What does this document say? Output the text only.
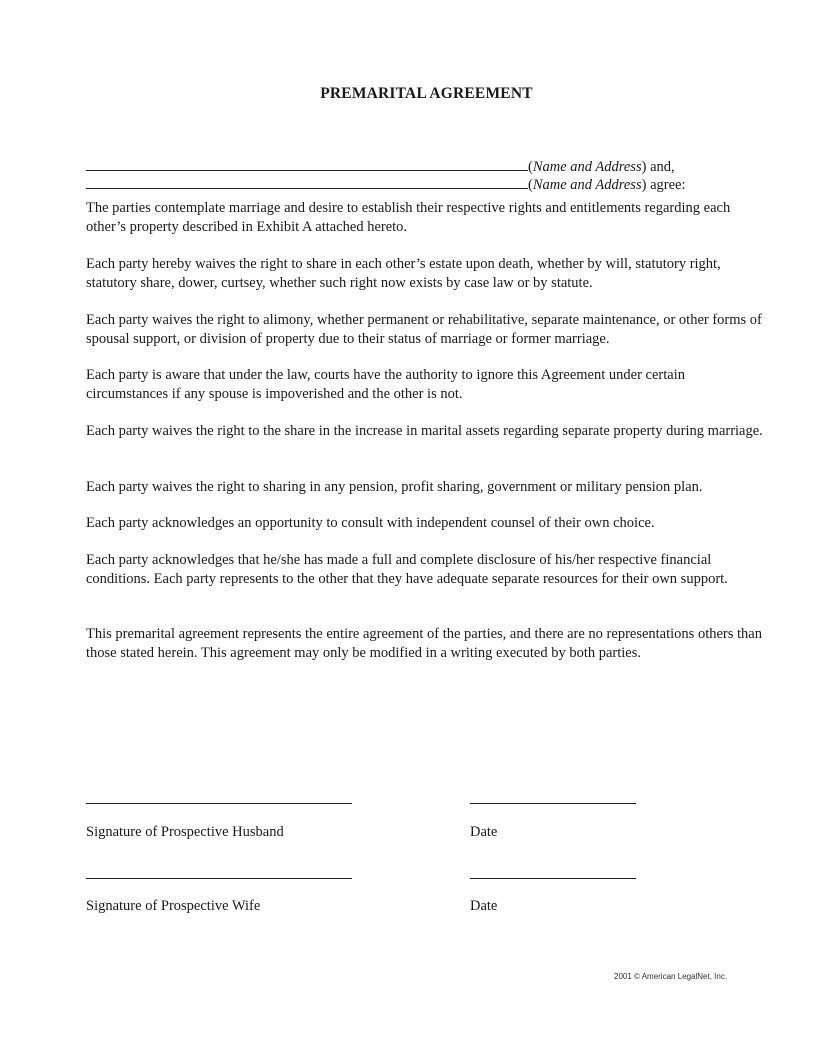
PREMARITAL AGREEMENT
(Name and Address) and,
(Name and Address) agree:

The parties contemplate marriage and desire to establish their respective rights and entitlements regarding each other’s property described in Exhibit A attached hereto.

Each party hereby waives the right to share in each other’s estate upon death, whether by will, statutory right, statutory share, dower, curtsey, whether such right now exists by case law or by statute.

Each party waives the right to alimony, whether permanent or rehabilitative, separate maintenance, or other forms of spousal support, or division of property due to their status of marriage or former marriage.

Each party is aware that under the law, courts have the authority to ignore this Agreement under certain circumstances if any spouse is impoverished and the other is not.

Each party waives the right to the share in the increase in marital assets regarding separate property during marriage.

Each party waives the right to sharing in any pension, profit sharing, government or military pension plan.

Each party acknowledges an opportunity to consult with independent counsel of their own choice.

Each party acknowledges that he/she has made a full and complete disclosure of his/her respective financial conditions. Each party represents to the other that they have adequate separate resources for their own support.

This premarital agreement represents the entire agreement of the parties, and there are no representations others than those stated herein. This agreement may only be modified in a writing executed by both parties.

Signature of Prospective Husband	Date
Signature of Prospective Wife	Date
2001 © American LegalNet, Inc.
